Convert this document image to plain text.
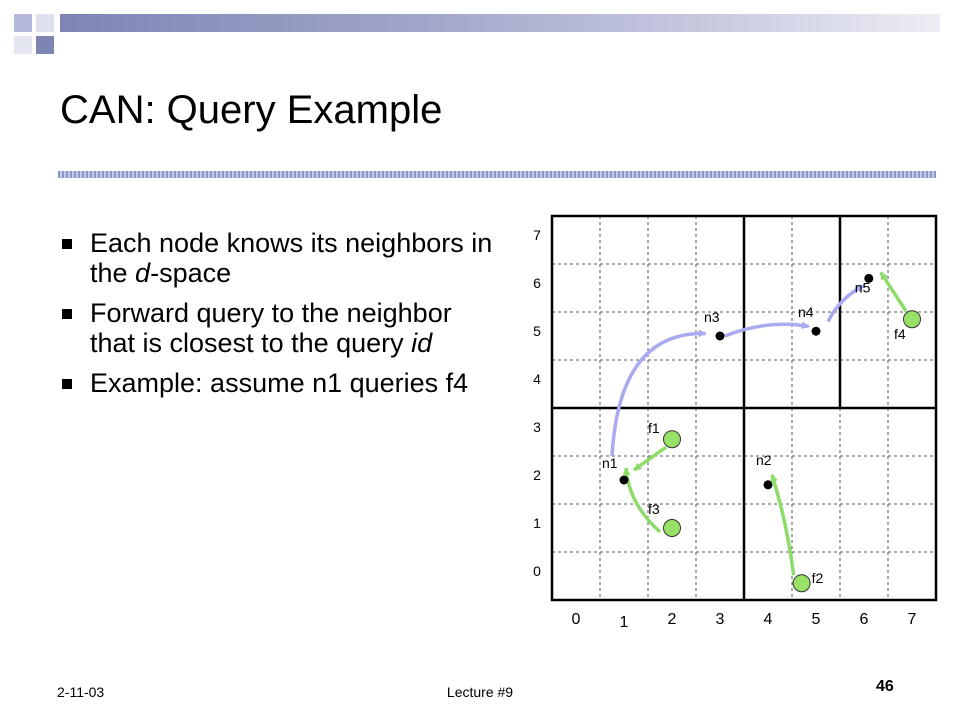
CAN: Query Example
Each node knows its neighbors in the d-space
Forward query to the neighbor that is closest to the query id
Example: assume n1 queries f4
0 1 2 3 4 5 6 7
0
1
2
3
4
5
6
7
n1	n2
n3	n4
n5
f1
f2
f3
f4
2-11-03	Lecture #9	46
